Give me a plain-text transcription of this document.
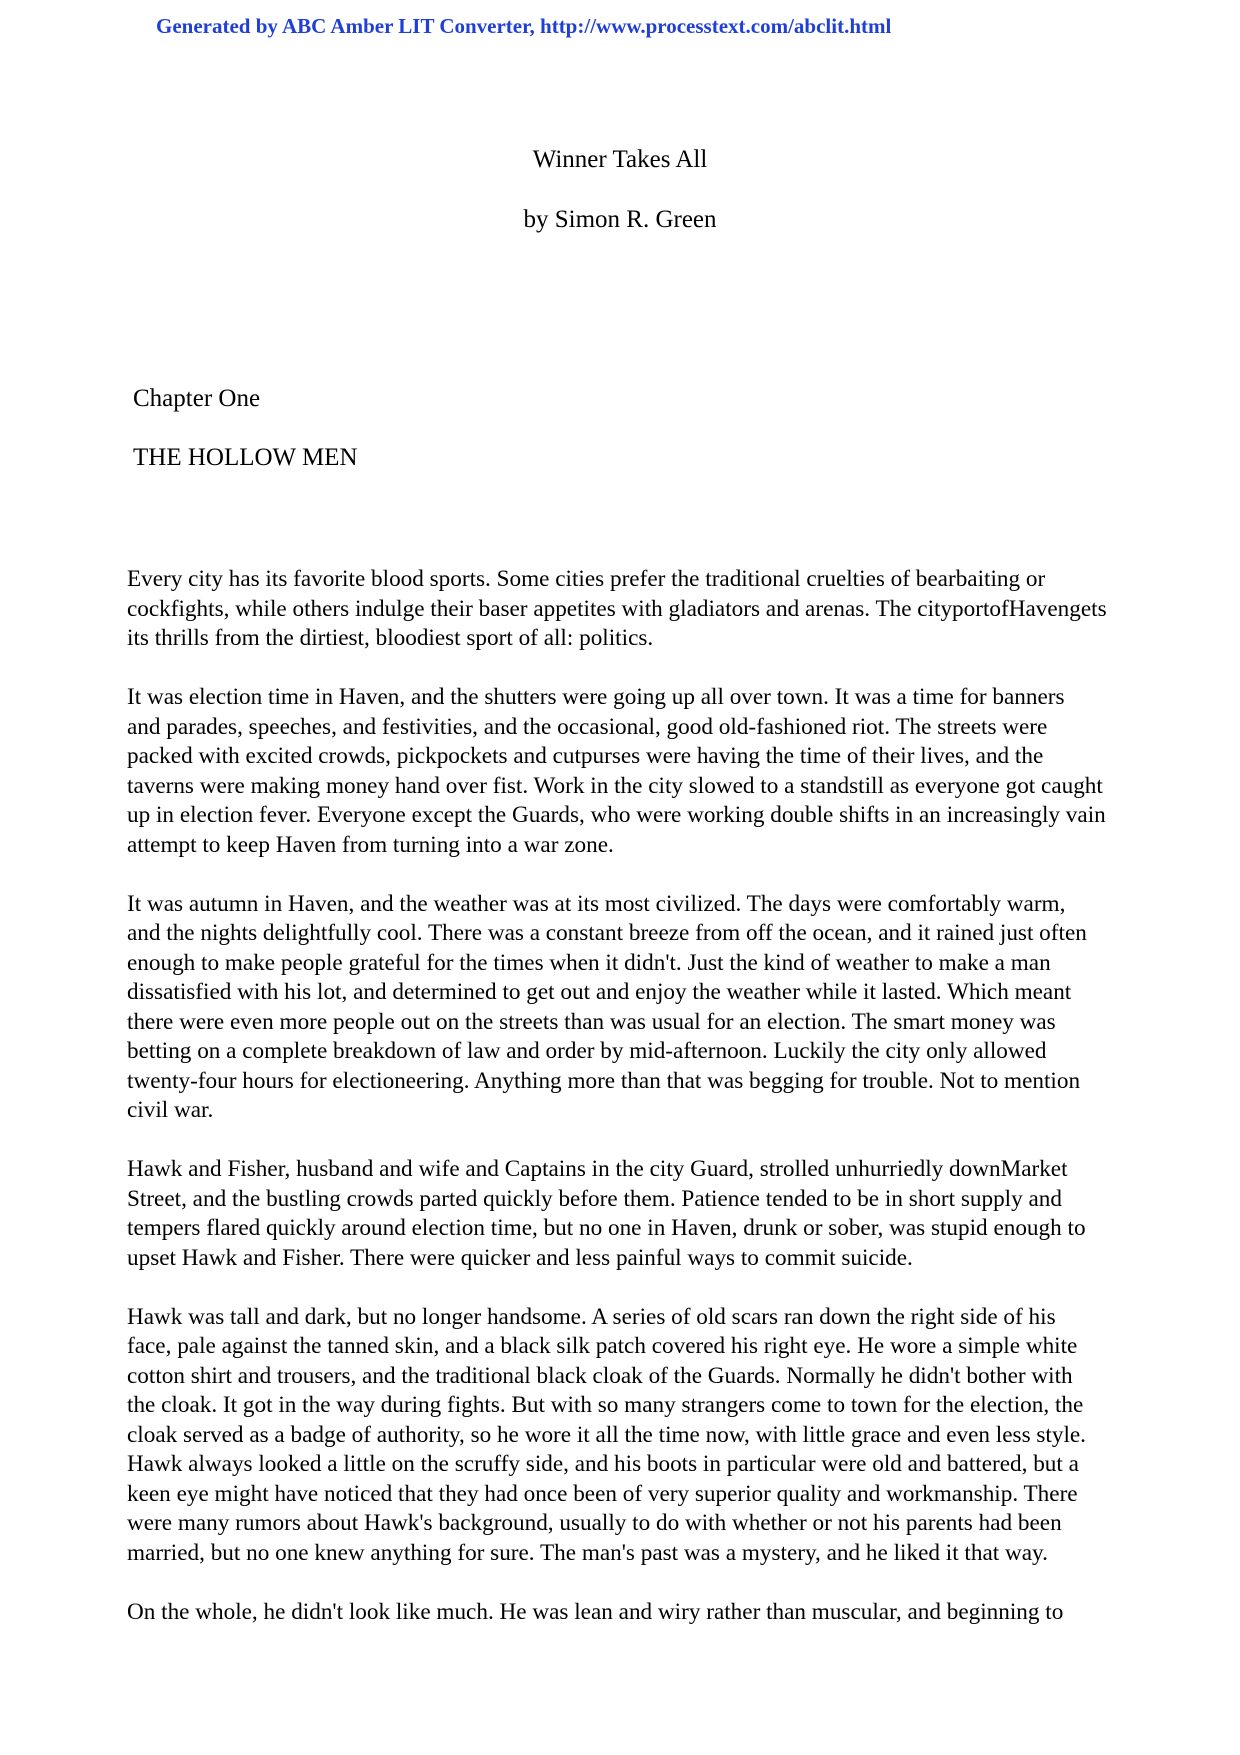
Generated by ABC Amber LIT Converter, http://www.processtext.com/abclit.html
Winner Takes All
by Simon R. Green
Chapter One
THE HOLLOW MEN

Every city has its favorite blood sports. Some cities prefer the traditional cruelties of bearbaiting or
cockfights, while others indulge their baser appetites with gladiators and arenas. The cityportofHavengets
its thrills from the dirtiest, bloodiest sport of all: politics.

It was election time in Haven, and the shutters were going up all over town. It was a time for banners
and parades, speeches, and festivities, and the occasional, good old-fashioned riot. The streets were
packed with excited crowds, pickpockets and cutpurses were having the time of their lives, and the
taverns were making money hand over fist. Work in the city slowed to a standstill as everyone got caught
up in election fever. Everyone except the Guards, who were working double shifts in an increasingly vain
attempt to keep Haven from turning into a war zone.

It was autumn in Haven, and the weather was at its most civilized. The days were comfortably warm,
and the nights delightfully cool. There was a constant breeze from off the ocean, and it rained just often
enough to make people grateful for the times when it didn't. Just the kind of weather to make a man
dissatisfied with his lot, and determined to get out and enjoy the weather while it lasted. Which meant
there were even more people out on the streets than was usual for an election. The smart money was
betting on a complete breakdown of law and order by mid-afternoon. Luckily the city only allowed
twenty-four hours for electioneering. Anything more than that was begging for trouble. Not to mention
civil war.

Hawk and Fisher, husband and wife and Captains in the city Guard, strolled unhurriedly downMarket
Street, and the bustling crowds parted quickly before them. Patience tended to be in short supply and
tempers flared quickly around election time, but no one in Haven, drunk or sober, was stupid enough to
upset Hawk and Fisher. There were quicker and less painful ways to commit suicide.

Hawk was tall and dark, but no longer handsome. A series of old scars ran down the right side of his
face, pale against the tanned skin, and a black silk patch covered his right eye. He wore a simple white
cotton shirt and trousers, and the traditional black cloak of the Guards. Normally he didn't bother with
the cloak. It got in the way during fights. But with so many strangers come to town for the election, the
cloak served as a badge of authority, so he wore it all the time now, with little grace and even less style.
Hawk always looked a little on the scruffy side, and his boots in particular were old and battered, but a
keen eye might have noticed that they had once been of very superior quality and workmanship. There
were many rumors about Hawk's background, usually to do with whether or not his parents had been
married, but no one knew anything for sure. The man's past was a mystery, and he liked it that way.

On the whole, he didn't look like much. He was lean and wiry rather than muscular, and beginning to
